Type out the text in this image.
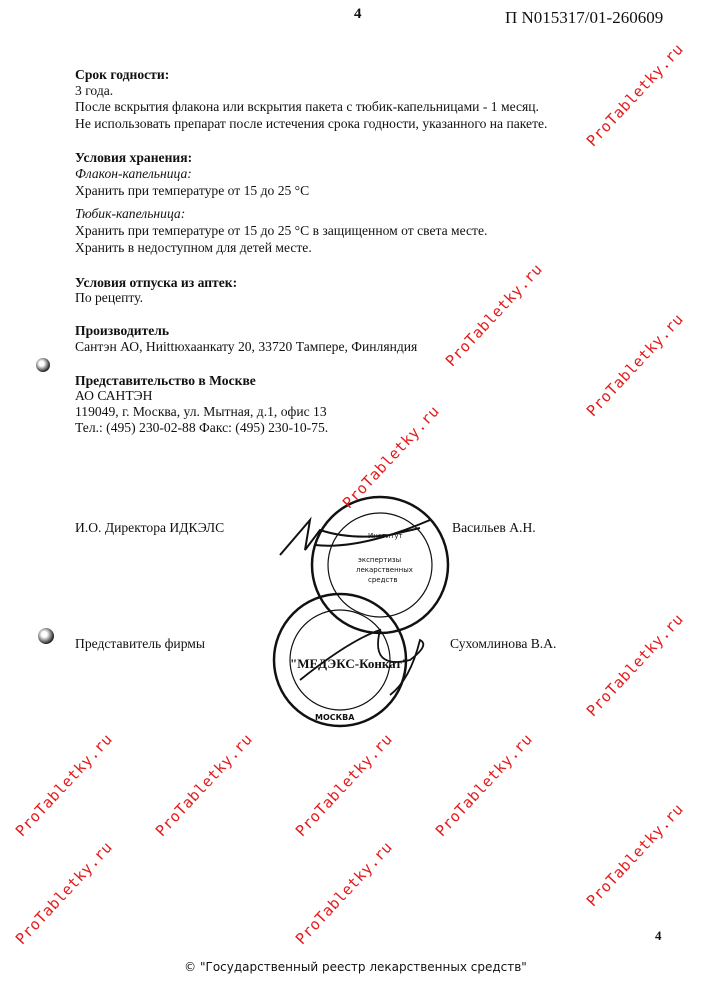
4	П N015317/01-260609
Срок годности:
3 года.
После вскрытия флакона или вскрытия пакета с тюбик-капельницами - 1 месяц.
Не использовать препарат после истечения срока годности, указанного на пакете.
Условия хранения:
Флакон-капельница:
Хранить при температуре от 15 до 25 °С
Тюбик-капельница:
Хранить при температуре от 15 до 25 °С в защищенном от света месте.
Хранить в недоступном для детей месте.
Условия отпуска из аптек:
По рецепту.
Производитель
Сантэн АО, Ниittюхаанкату 20, 33720 Тампере, Финляндия
Представительство в Москве
АО САНТЭН
119049, г. Москва, ул. Мытная, д.1, офис 13
Тел.: (495) 230-02-88 Факс: (495) 230-10-75.
И.О. Директора ИДКЭЛС	Васильев А.Н.
Представитель фирмы	Сухомлинова В.А.
Институт
экспертизы
лекарственных
средств
"МЕДЭКС-Конкат"
МОСКВА
4
© "Государственный реестр лекарственных средств"
ProTabletky.ru
ProTabletky.ru
ProTabletky.ru
ProTabletky.ru
ProTabletky.ru
ProTabletky.ru
ProTabletky.ru ProTabletky.ru ProTabletky.ru ProTabletky.ru
ProTabletky.ru	ProTabletky.ru
